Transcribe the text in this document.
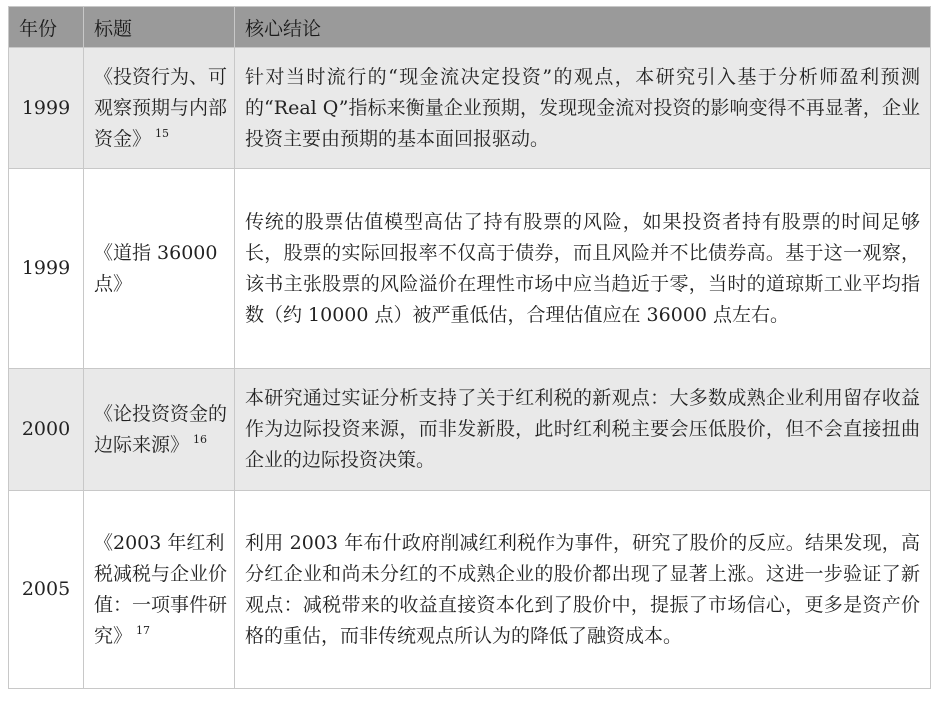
年份	标题	核心结论
1999	《投资行为、可观察预期与内部资金》 $^{15}$	针对当时流行的“现金流决定投资”的观点，本研究引入基于分析师盈利预测的“Real Q”指标来衡量企业预期，发现现金流对投资的影响变得不再显著，企业投资主要由预期的基本面回报驱动。
1999	《道指 36000 点》	传统的股票估值模型高估了持有股票的风险，如果投资者持有股票的时间足够长，股票的实际回报率不仅高于债券，而且风险并不比债券高。基于这一观察，该书主张股票的风险溢价在理性市场中应当趋近于零，当时的道琼斯工业平均指数（约 10000 点）被严重低估，合理估值应在 36000 点左右。
2000	《论投资资金的边际来源》 $^{16}$	本研究通过实证分析支持了关于红利税的新观点：大多数成熟企业利用留存收益作为边际投资来源，而非发新股，此时红利税主要会压低股价，但不会直接扭曲企业的边际投资决策。
2005	《2003 年红利税减税与企业价值：一项事件研究》 $^{17}$	利用 2003 年布什政府削减红利税作为事件，研究了股价的反应。结果发现，高分红企业和尚未分红的不成熟企业的股价都出现了显著上涨。这进一步验证了新观点：减税带来的收益直接资本化到了股价中，提振了市场信心，更多是资产价格的重估，而非传统观点所认为的降低了融资成本。
